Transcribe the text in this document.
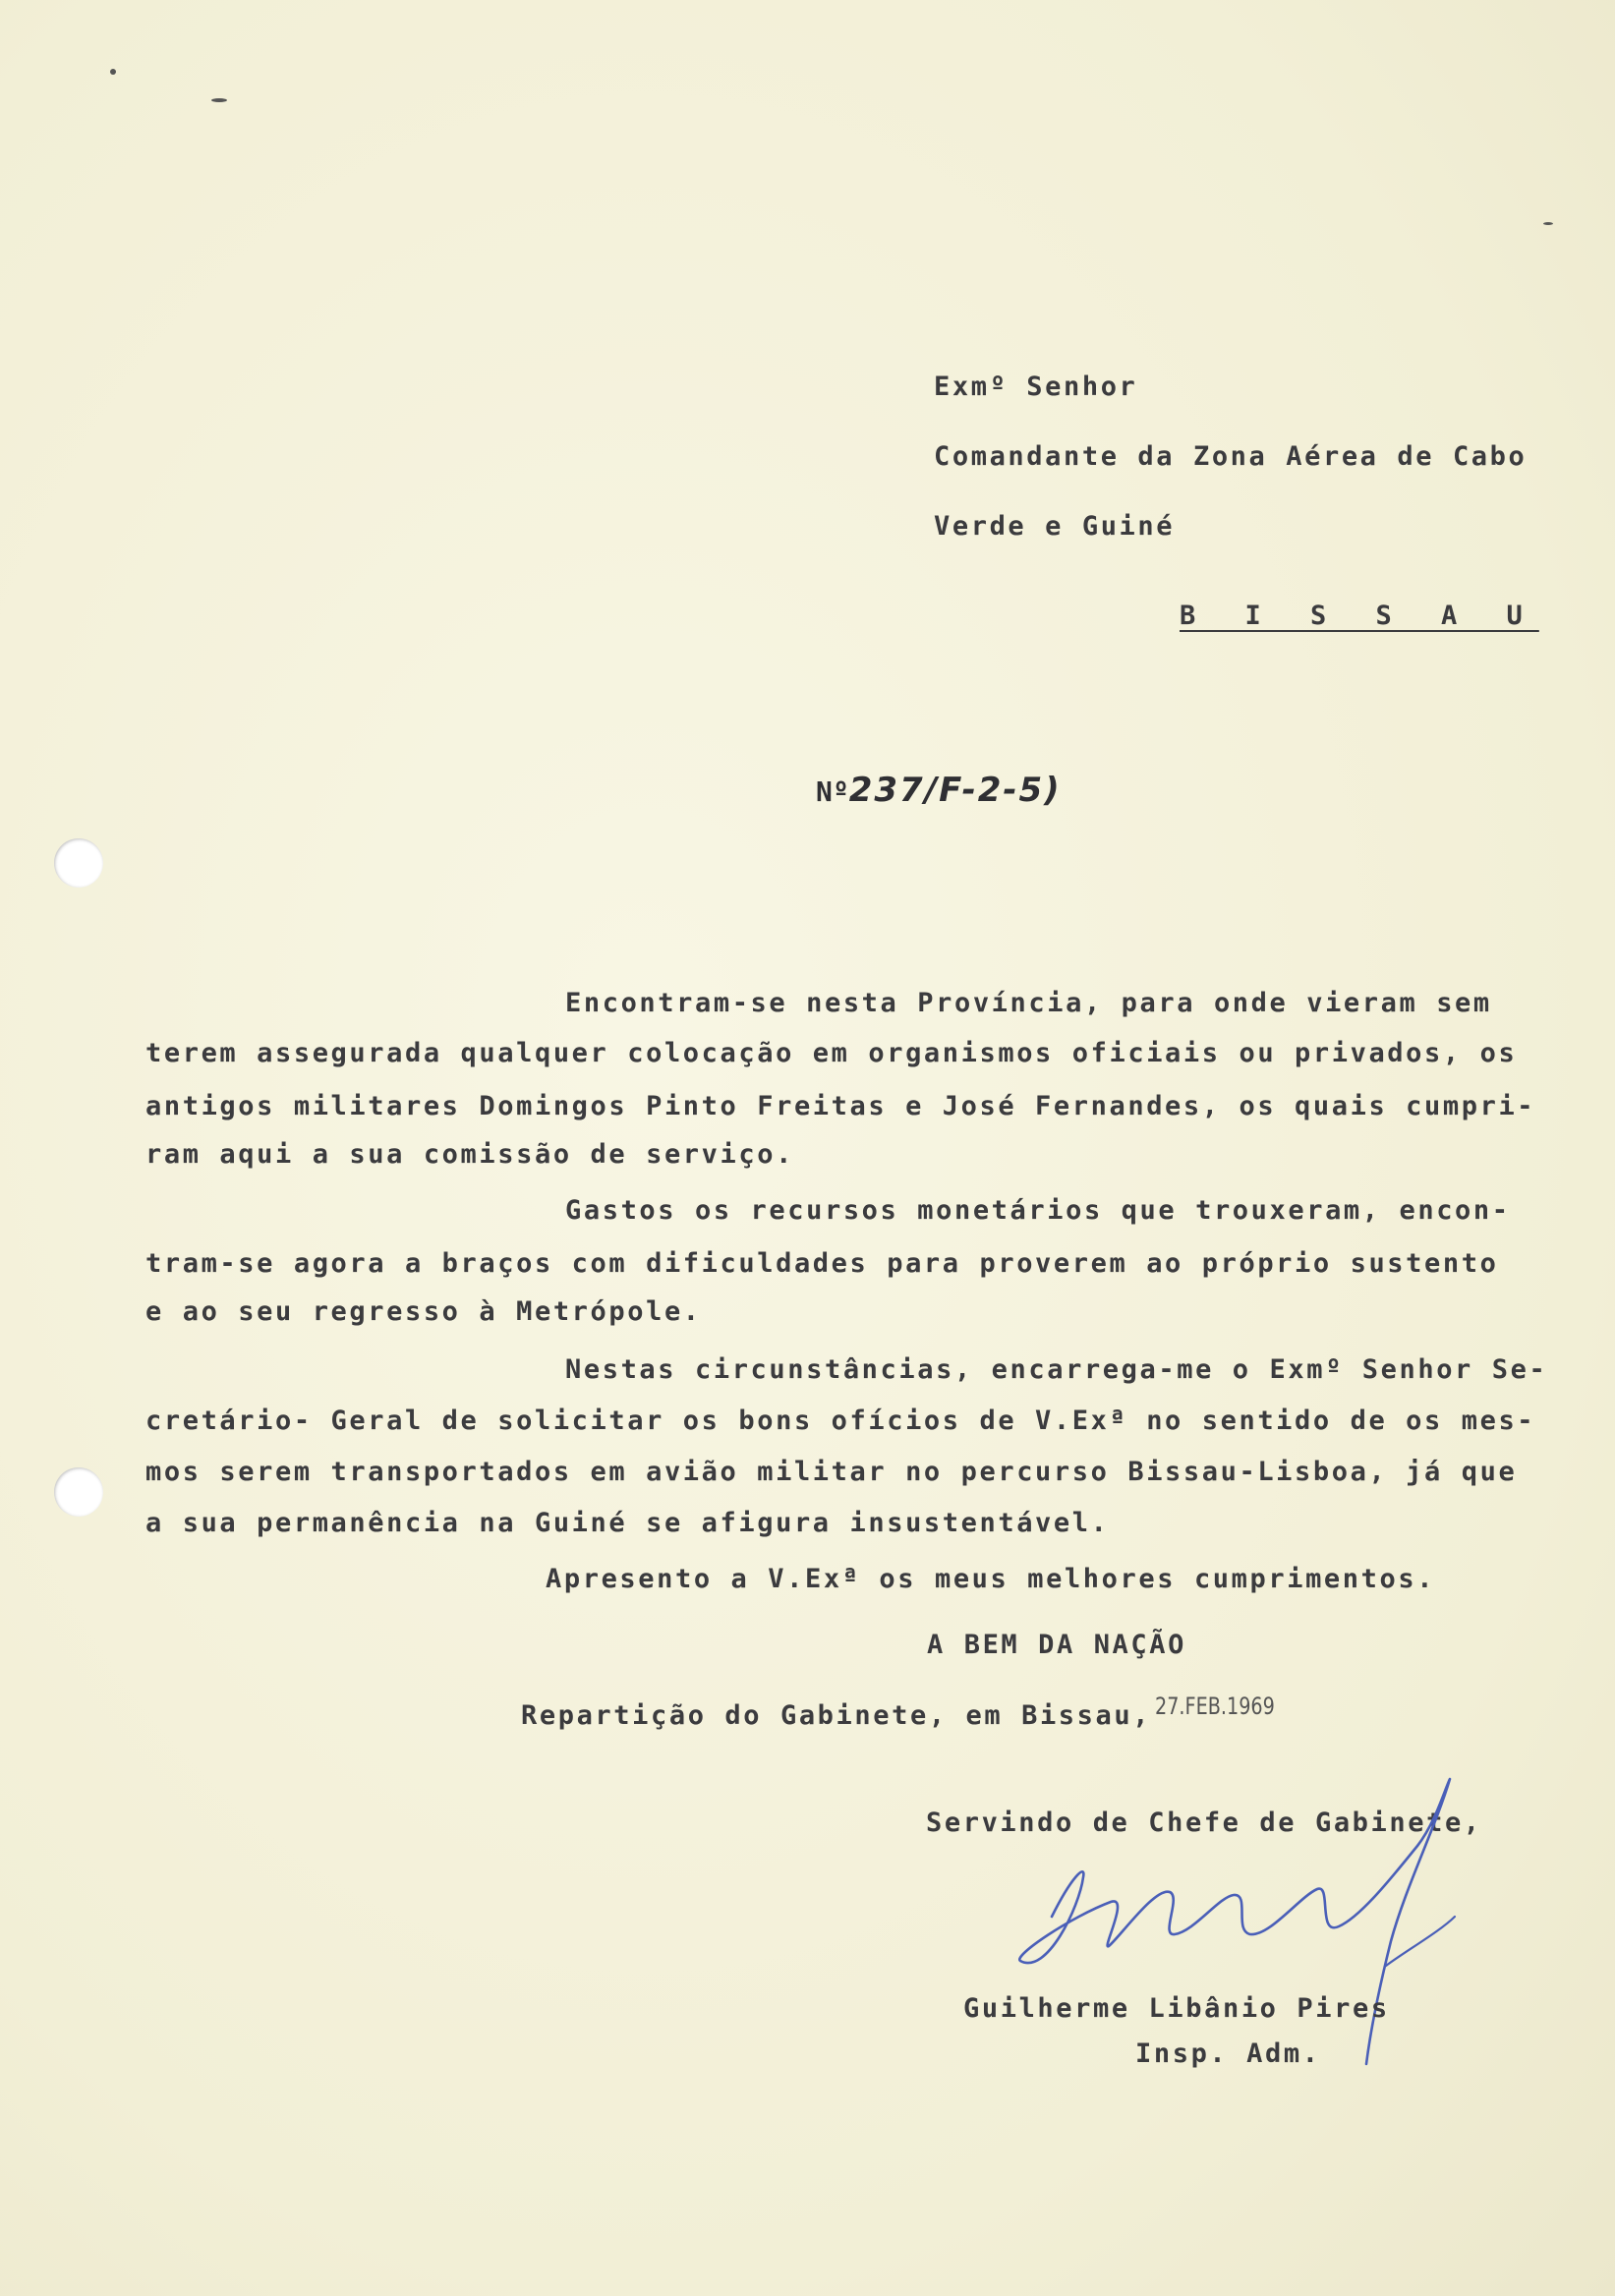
Exmº Senhor
Comandante da Zona Aérea de Cabo
Verde e Guiné
B I S S A U
Nº237/F-2-5)
Encontram-se nesta Província, para onde vieram sem
terem assegurada qualquer colocação em organismos oficiais ou privados, os
antigos militares Domingos Pinto Freitas e José Fernandes, os quais cumpri-
ram aqui a sua comissão de serviço.
Gastos os recursos monetários que trouxeram, encon-
tram-se agora a braços com dificuldades para proverem ao próprio sustento
e ao seu regresso à Metrópole.
Nestas circunstâncias, encarrega-me o Exmº Senhor Se-
cretário- Geral de solicitar os bons ofícios de V.Exª no sentido de os mes-
mos serem transportados em avião militar no percurso Bissau-Lisboa, já que
a sua permanência na Guiné se afigura insustentável.
Apresento a V.Exª os meus melhores cumprimentos.
A BEM DA NAÇÃO
Repartição do Gabinete, em Bissau, 27.FEB.1969
Servindo de Chefe de Gabinete,
Guilherme Libânio Pires
Insp. Adm.
